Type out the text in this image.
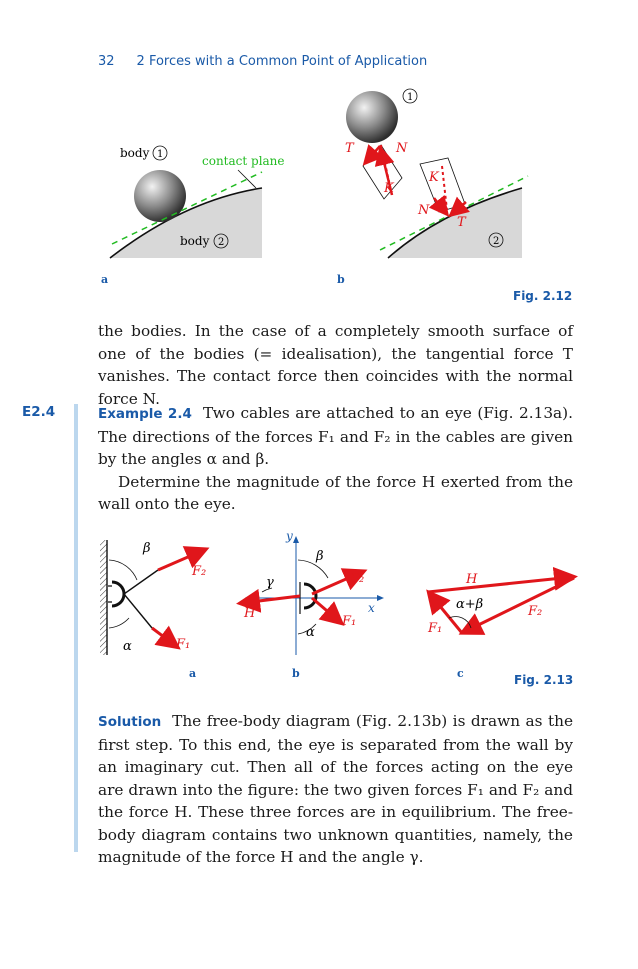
32 2 Forces with a Common Point of Application
body 1
body 2
contact plane
1
2
T	N
K
K
N
T
β
α
F₂
F₁
y
x
β
α
γ
H
F₂
F₁
H
F₂
F₁
α+β
a	b
Fig. 2.12

the bodies. In the case of a completely smooth surface of one of the bodies (= idealisation), the tangential force T vanishes. The contact force then coincides with the normal force N.

E2.4	Example 2.4 Two cables are attached to an eye (Fig. 2.13a). The directions of the forces F₁ and F₂ in the cables are given by the angles α and β.

Determine the magnitude of the force H exerted from the wall onto the eye.

a	b	c	Fig. 2.13

Solution The free-body diagram (Fig. 2.13b) is drawn as the first step. To this end, the eye is separated from the wall by an imaginary cut. Then all of the forces acting on the eye are drawn into the figure: the two given forces F₁ and F₂ and the force H. These three forces are in equilibrium. The free-body diagram contains two unknown quantities, namely, the magnitude of the force H and the angle γ.
